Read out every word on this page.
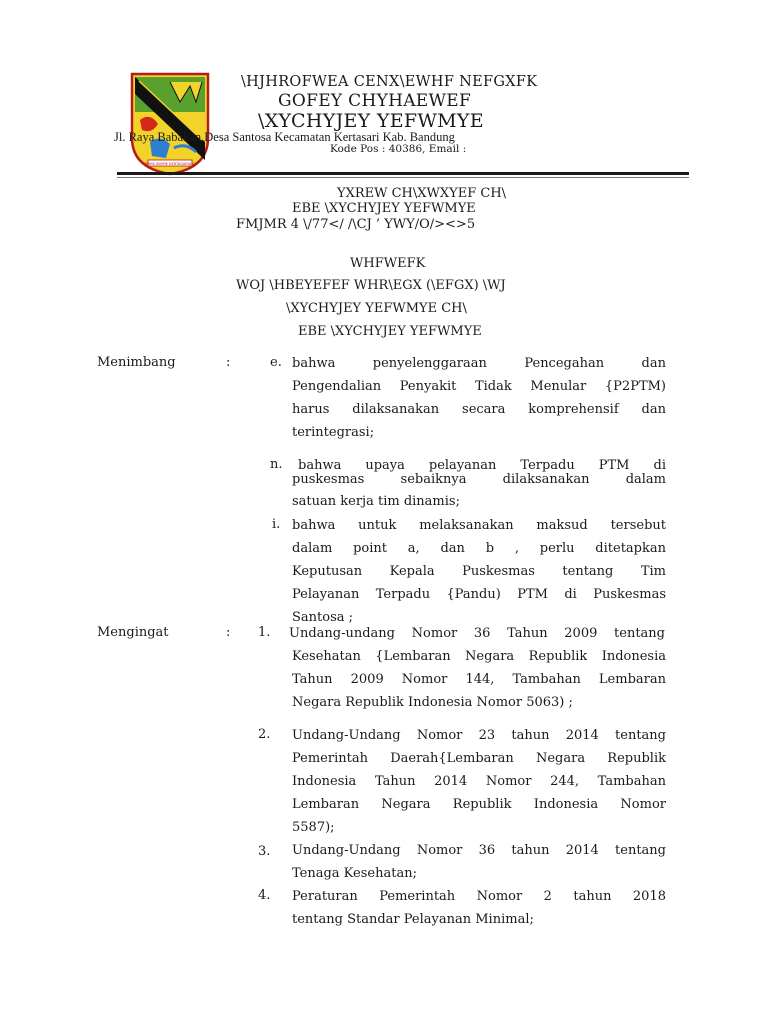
BEMIS SIMPIE KERTASARIANA
\HJHROFWEA CENX\EWHF NEFGXFK
GOFEY CHYHAEWEF
\XYCHYJEY YEFWMYE
Jl. Raya Babakan Desa Santosa Kecamatan Kertasari Kab. Bandung
Kode Pos : 40386, Email :
YXREW CH\XWXYEF CH\
EBE \XYCHYJEY YEFWMYE
FMJMR 4 \/77</ /\CJ ’ YWY/O/><>5
WHFWEFK
WOJ \HBEYEFEF WHR\EGX (\EFGX) \WJ
\XYCHYJEY YEFWMYE CH\
EBE \XYCHYJEY YEFWMYE
Menimbang	:	e. bahwa penyelenggaraan Pencegahan dan
Pengendalian Penyakit Tidak Menular {P2PTM)
harus dilaksanakan secara komprehensif dan
terintegrasi;
n. bahwa upaya pelayanan Terpadu PTM di
puskesmas sebaiknya dilaksanakan dalam
satuan kerja tim dinamis;
i. bahwa untuk melaksanakan maksud tersebut
dalam point a, dan b , perlu ditetapkan
Keputusan Kepala Puskesmas tentang Tim
Pelayanan Terpadu {Pandu) PTM di Puskesmas
Santosa ;
Mengingat	: 1. Undang-undang Nomor 36 Tahun 2009 tentang
Kesehatan {Lembaran Negara Republik Indonesia
Tahun 2009 Nomor 144, Tambahan Lembaran
Negara Republik Indonesia Nomor 5063) ;
2. Undang-Undang Nomor 23 tahun 2014 tentang
Pemerintah Daerah{Lembaran Negara Republik
Indonesia Tahun 2014 Nomor 244, Tambahan
Lembaran Negara Republik Indonesia Nomor
5587);
3. Undang-Undang Nomor 36 tahun 2014 tentang
Tenaga Kesehatan;
4. Peraturan Pemerintah Nomor 2 tahun 2018
tentang Standar Pelayanan Minimal;
